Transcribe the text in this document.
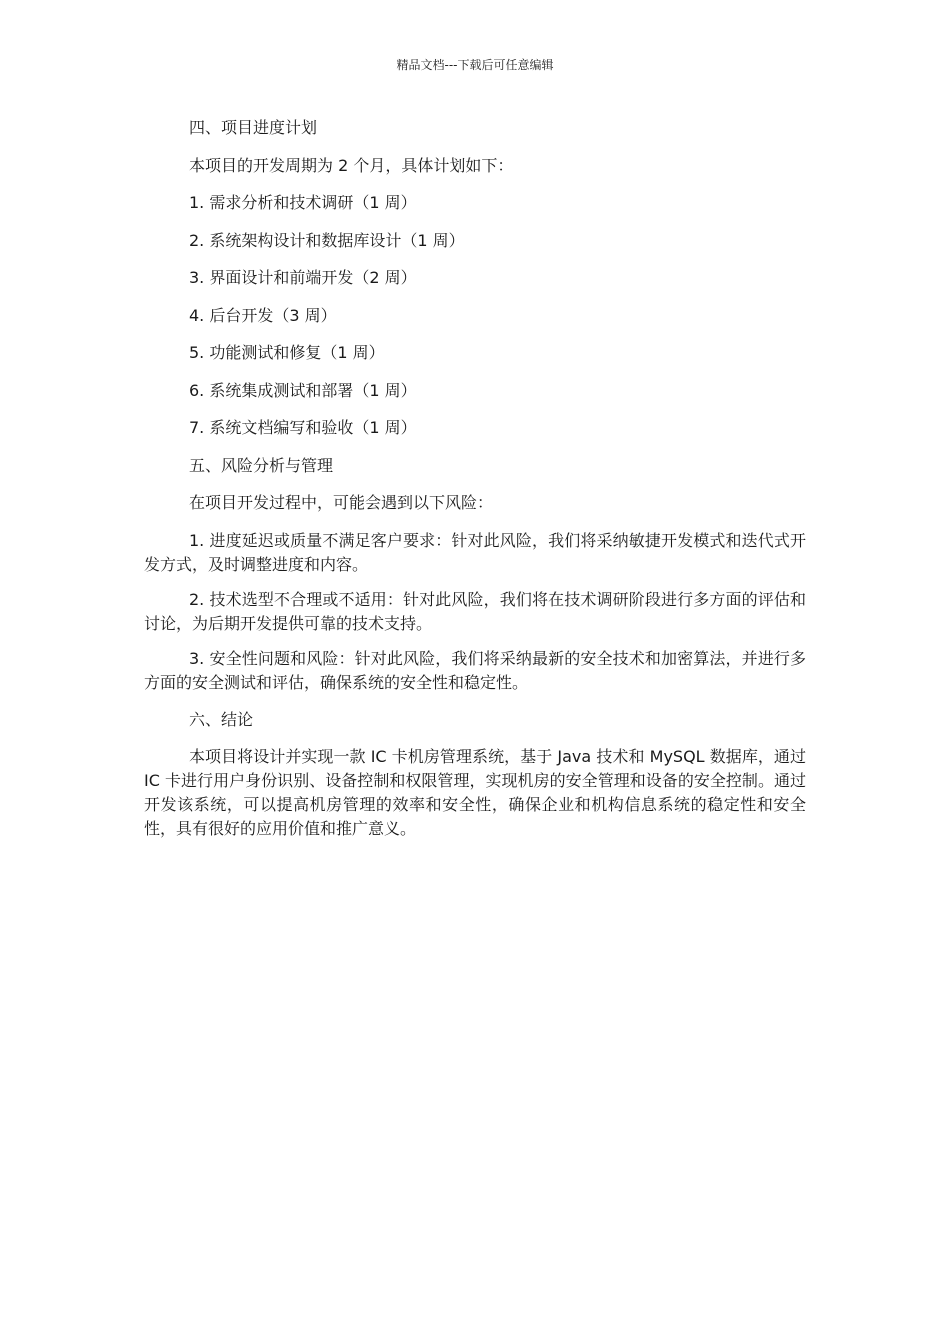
精品文档---下载后可任意编辑

四、项目进度计划

本项目的开发周期为 2 个月，具体计划如下：

1. 需求分析和技术调研（1 周）

2. 系统架构设计和数据库设计（1 周）

3. 界面设计和前端开发（2 周）

4. 后台开发（3 周）

5. 功能测试和修复（1 周）

6. 系统集成测试和部署（1 周）

7. 系统文档编写和验收（1 周）

五、风险分析与管理

在项目开发过程中，可能会遇到以下风险：

1. 进度延迟或质量不满足客户要求：针对此风险，我们将采纳敏捷开发模式和迭代式开发方式，及时调整进度和内容。

2. 技术选型不合理或不适用：针对此风险，我们将在技术调研阶段进行多方面的评估和讨论，为后期开发提供可靠的技术支持。

3. 安全性问题和风险：针对此风险，我们将采纳最新的安全技术和加密算法，并进行多方面的安全测试和评估，确保系统的安全性和稳定性。

六、结论

本项目将设计并实现一款 IC 卡机房管理系统，基于 Java 技术和 MySQL 数据库，通过 IC 卡进行用户身份识别、设备控制和权限管理，实现机房的安全管理和设备的安全控制。通过开发该系统，可以提高机房管理的效率和安全性，确保企业和机构信息系统的稳定性和安全性，具有很好的应用价值和推广意义。
